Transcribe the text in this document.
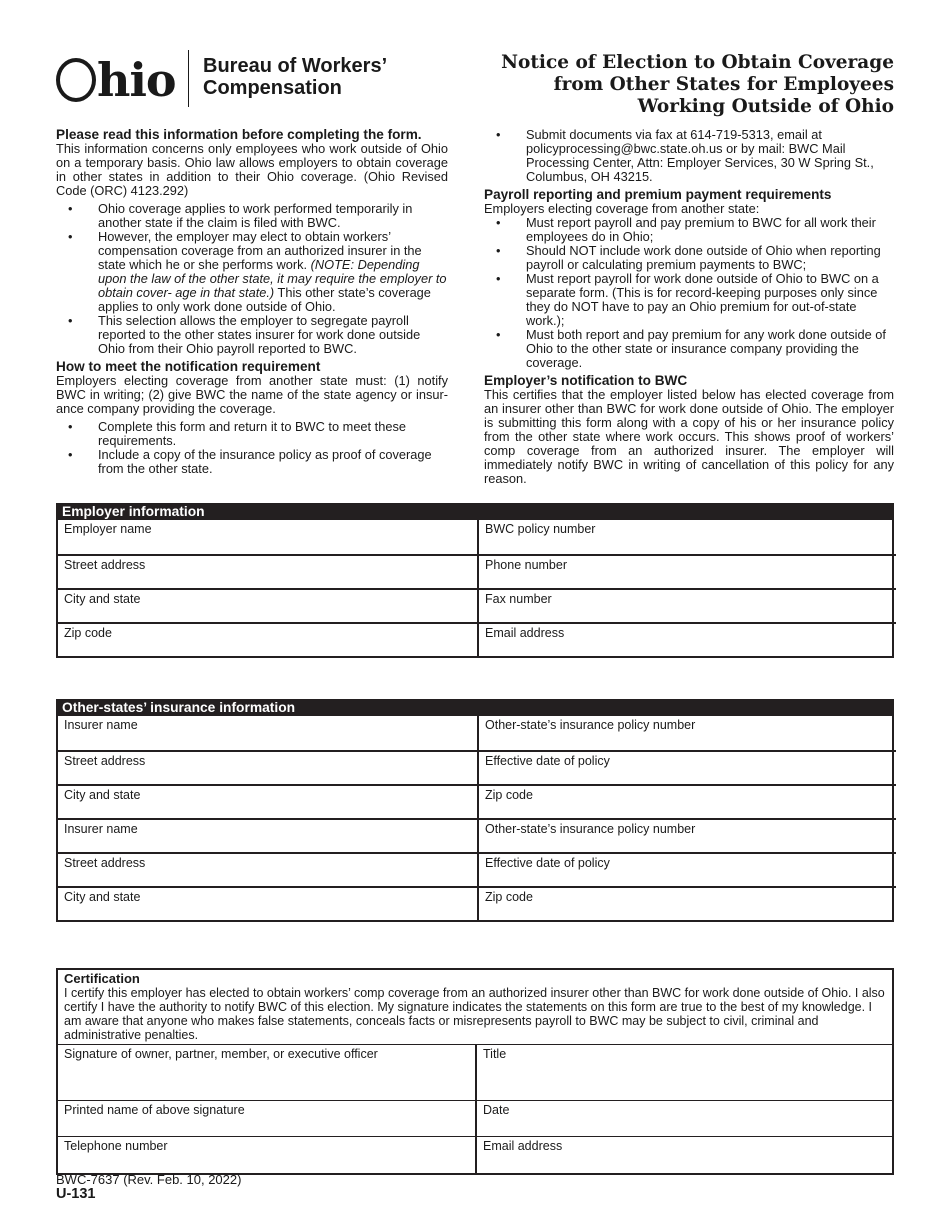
hio Bureau of Workers’
Compensation
Notice of Election to Obtain Coverage
from Other States for Employees
Working Outside of Ohio
Please read this information before completing the form.

This information concerns only employees who work outside of Ohio on a temporary basis. Ohio law allows employers to obtain coverage in other states in addition to their Ohio coverage. (Ohio Revised Code (ORC) 4123.292)

• Ohio coverage applies to work performed temporarily in another state if the claim is filed with BWC.
• However, the employer may elect to obtain workers’ compensation coverage from an authorized insurer in the state which he or she performs work. (NOTE: Depending upon the law of the other state, it may require the employer to obtain cover- age in that state.) This other state’s coverage applies to only work done outside of Ohio.
• This selection allows the employer to segregate payroll reported to the other states insurer for work done outside Ohio from their Ohio payroll reported to BWC.
How to meet the notification requirement

Employers electing coverage from another state must: (1) notify BWC in writing; (2) give BWC the name of the state agency or insur- ance company providing the coverage.

• Complete this form and return it to BWC to meet these requirements.
• Include a copy of the insurance policy as proof of coverage from the other state.
• Submit documents via fax at 614-719-5313, email at policyprocessing@bwc.state.oh.us or by mail: BWC Mail Processing Center, Attn: Employer Services, 30 W Spring St., Columbus, OH 43215.
Payroll reporting and premium payment requirements

Employers electing coverage from another state:

• Must report payroll and pay premium to BWC for all work their employees do in Ohio;
• Should NOT include work done outside of Ohio when reporting payroll or calculating premium payments to BWC;
• Must report payroll for work done outside of Ohio to BWC on a separate form. (This is for record-keeping purposes only since they do NOT have to pay an Ohio premium for out-of-state work.);
• Must both report and pay premium for any work done outside of Ohio to the other state or insurance company providing the coverage.
Employer’s notification to BWC

This certifies that the employer listed below has elected coverage from an insurer other than BWC for work done outside of Ohio. The employer is submitting this form along with a copy of his or her insurance policy from the other state where work occurs. This shows proof of workers’ comp coverage from an authorized insurer. The employer will immediately notify BWC in writing of cancellation of this policy for any reason.

Employer information
Employer name	BWC policy number
Street address	Phone number
City and state	Fax number
Zip code	Email address
Other-states’ insurance information
Insurer name	Other-state’s insurance policy number
Street address	Effective date of policy
City and state	Zip code
Insurer name	Other-state’s insurance policy number
Street address	Effective date of policy
City and state	Zip code
Certification
I certify this employer has elected to obtain workers’ comp coverage from an authorized insurer other than BWC for work done outside of Ohio. I also certify I have the authority to notify BWC of this election. My signature indicates the statements on this form are true to the best of my knowledge. I am aware that anyone who makes false statements, conceals facts or misrepresents payroll to BWC may be subject to civil, criminal and administrative penalties.
Signature of owner, partner, member, or executive officer	Title
Printed name of above signature	Date
Telephone number	Email address
BWC-7637 (Rev. Feb. 10, 2022)
U-131
